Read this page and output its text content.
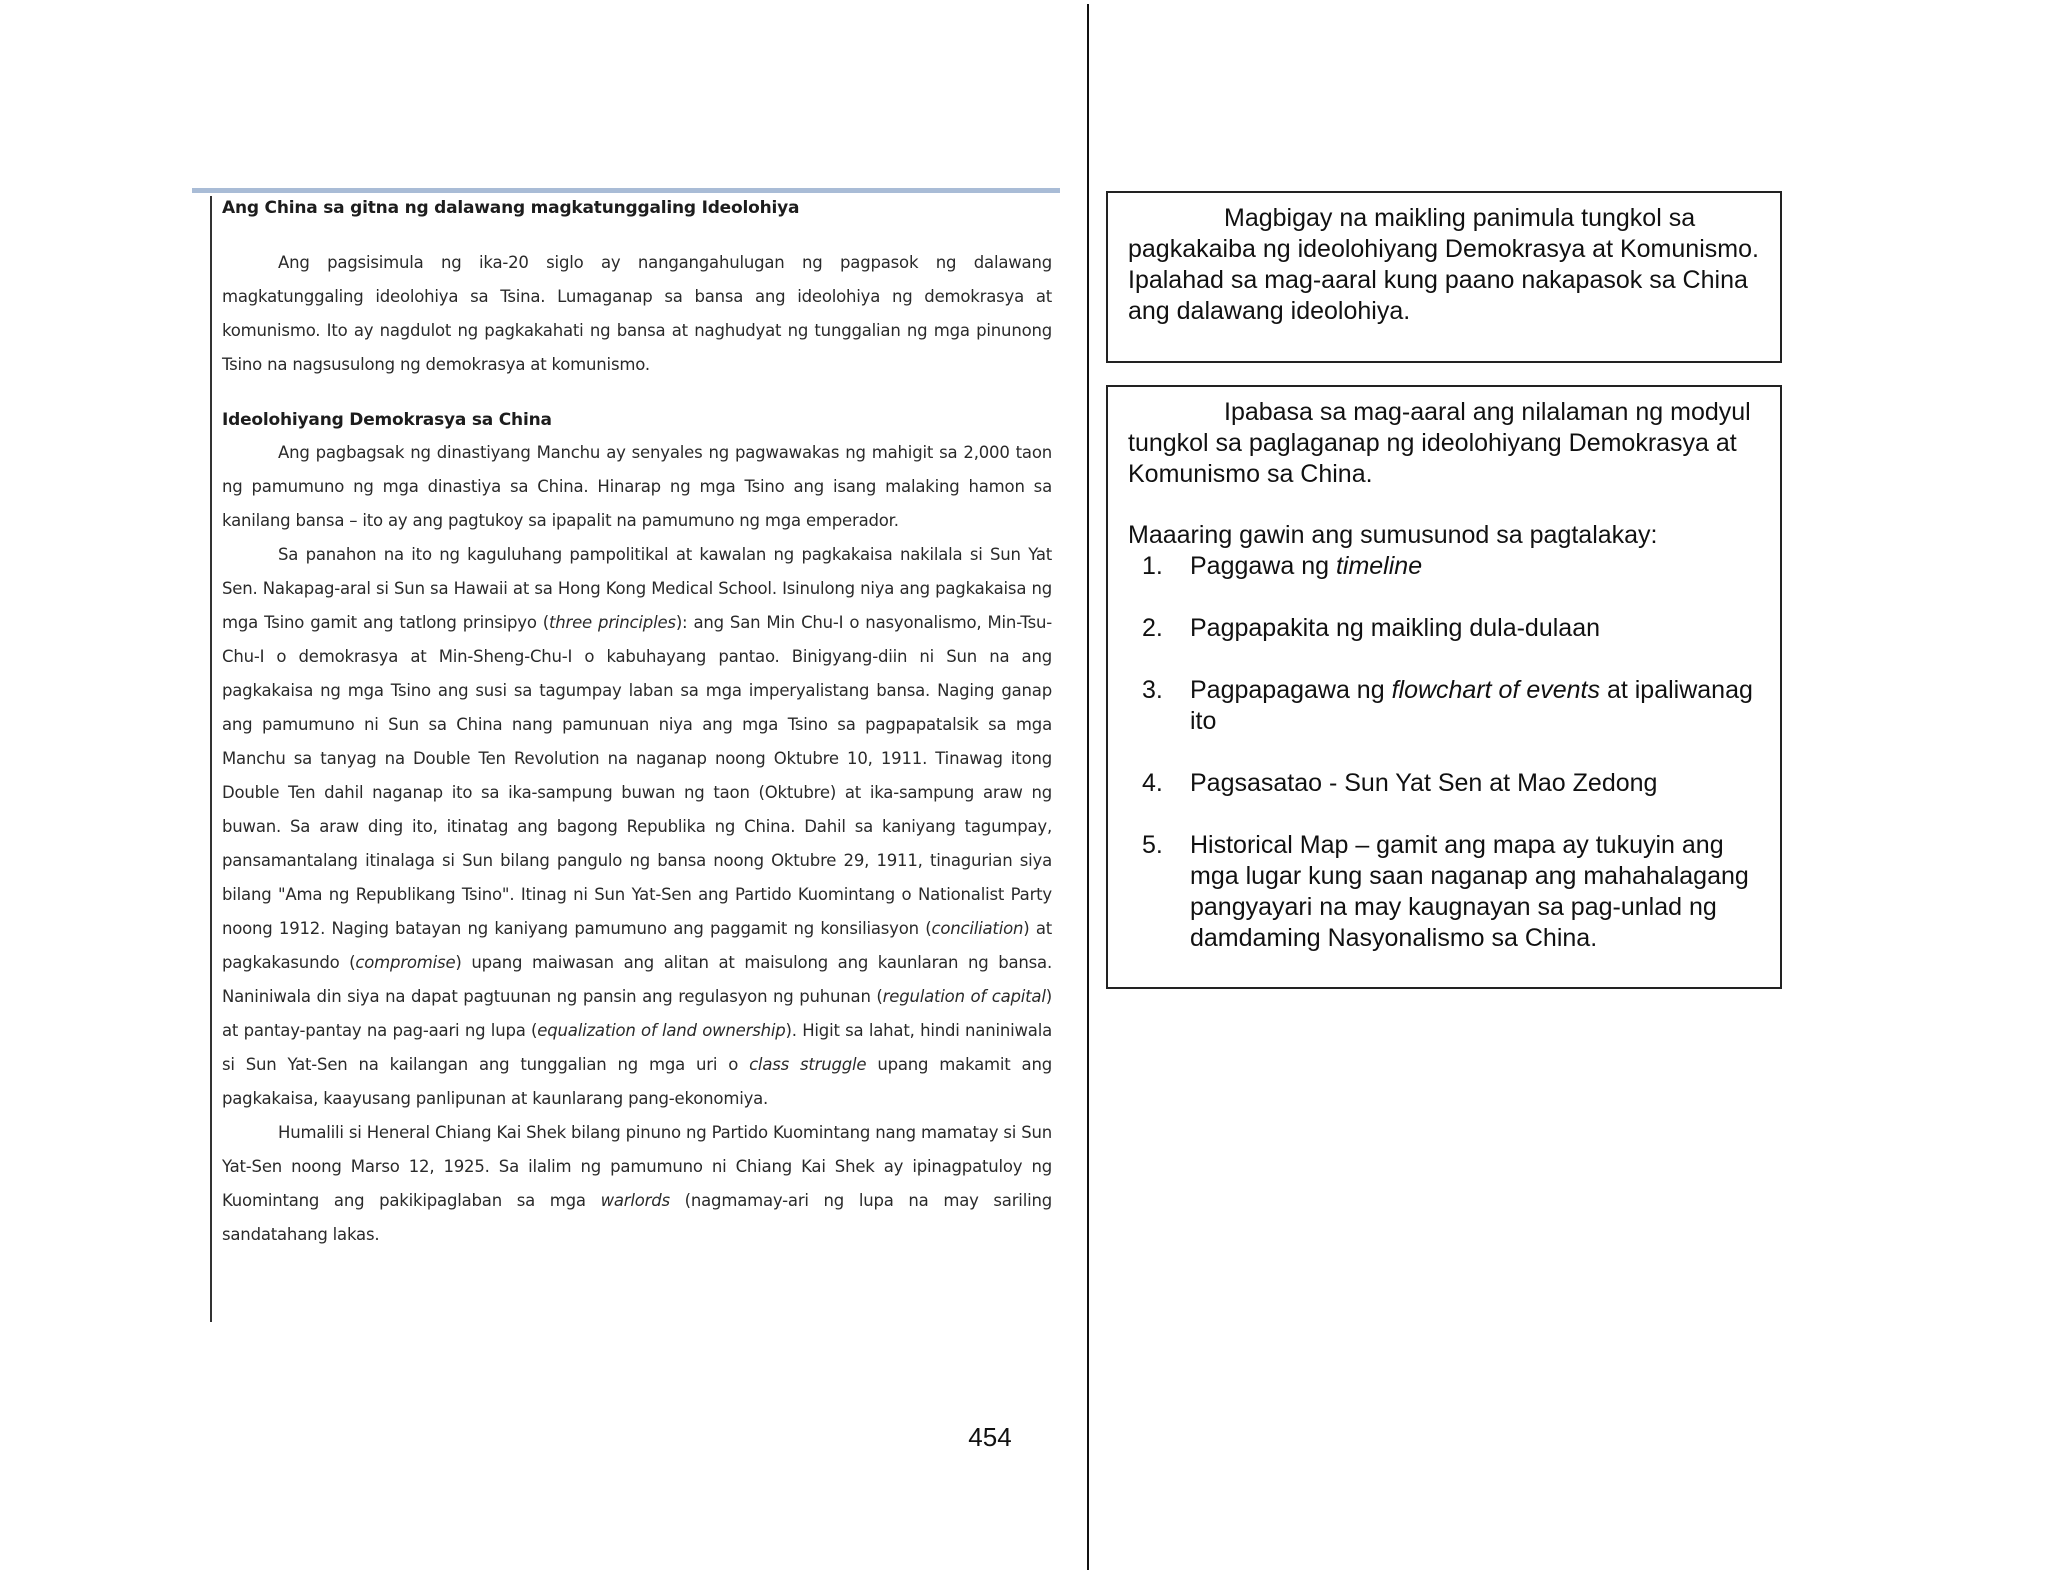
Ang China sa gitna ng dalawang magkatunggaling Ideolohiya

Ang pagsisimula ng ika-20 siglo ay nangangahulugan ng pagpasok ng dalawang magkatunggaling ideolohiya sa Tsina. Lumaganap sa bansa ang ideolohiya ng demokrasya at komunismo. Ito ay nagdulot ng pagkakahati ng bansa at naghudyat ng tunggalian ng mga pinunong Tsino na nagsusulong ng demokrasya at komunismo.

Ideolohiyang Demokrasya sa China

Ang pagbagsak ng dinastiyang Manchu ay senyales ng pagwawakas ng mahigit sa 2,000 taon ng pamumuno ng mga dinastiya sa China. Hinarap ng mga Tsino ang isang malaking hamon sa kanilang bansa – ito ay ang pagtukoy sa ipapalit na pamumuno ng mga emperador.

Sa panahon na ito ng kaguluhang pampolitikal at kawalan ng pagkakaisa nakilala si Sun Yat Sen. Nakapag-aral si Sun sa Hawaii at sa Hong Kong Medical School. Isinulong niya ang pagkakaisa ng mga Tsino gamit ang tatlong prinsipyo (three principles): ang San Min Chu-I o nasyonalismo, Min-Tsu-Chu-I o demokrasya at Min-Sheng-Chu-I o kabuhayang pantao. Binigyang-diin ni Sun na ang pagkakaisa ng mga Tsino ang susi sa tagumpay laban sa mga imperyalistang bansa. Naging ganap ang pamumuno ni Sun sa China nang pamunuan niya ang mga Tsino sa pagpapatalsik sa mga Manchu sa tanyag na Double Ten Revolution na naganap noong Oktubre 10, 1911. Tinawag itong Double Ten dahil naganap ito sa ika-sampung buwan ng taon (Oktubre) at ika-sampung araw ng buwan. Sa araw ding ito, itinatag ang bagong Republika ng China. Dahil sa kaniyang tagumpay, pansamantalang itinalaga si Sun bilang pangulo ng bansa noong Oktubre 29, 1911, tinagurian siya bilang "Ama ng Republikang Tsino". Itinag ni Sun Yat-Sen ang Partido Kuomintang o Nationalist Party noong 1912. Naging batayan ng kaniyang pamumuno ang paggamit ng konsiliasyon (conciliation) at pagkakasundo (compromise) upang maiwasan ang alitan at maisulong ang kaunlaran ng bansa. Naniniwala din siya na dapat pagtuunan ng pansin ang regulasyon ng puhunan (regulation of capital) at pantay-pantay na pag-aari ng lupa (equalization of land ownership). Higit sa lahat, hindi naniniwala si Sun Yat-Sen na kailangan ang tunggalian ng mga uri o class struggle upang makamit ang pagkakaisa, kaayusang panlipunan at kaunlarang pang-ekonomiya.

Humalili si Heneral Chiang Kai Shek bilang pinuno ng Partido Kuomintang nang mamatay si Sun Yat-Sen noong Marso 12, 1925. Sa ilalim ng pamumuno ni Chiang Kai Shek ay ipinagpatuloy ng Kuomintang ang pakikipaglaban sa mga warlords (nagmamay-ari ng lupa na may sariling sandatahang lakas.

454

Magbigay na maikling panimula tungkol sa pagkakaiba ng ideolohiyang Demokrasya at Komunismo. Ipalahad sa mag-aaral kung paano nakapasok sa China ang dalawang ideolohiya.

Ipabasa sa mag-aaral ang nilalaman ng modyul tungkol sa paglaganap ng ideolohiyang Demokrasya at Komunismo sa China.

Maaaring gawin ang sumusunod sa pagtalakay:

1. Paggawa ng timeline
2. Pagpapakita ng maikling dula-dulaan
3. Pagpapagawa ng flowchart of events at ipaliwanag ito
4. Pagsasatao - Sun Yat Sen at Mao Zedong
5. Historical Map – gamit ang mapa ay tukuyin ang mga lugar kung saan naganap ang mahahalagang pangyayari na may kaugnayan sa pag-unlad ng damdaming Nasyonalismo sa China.
